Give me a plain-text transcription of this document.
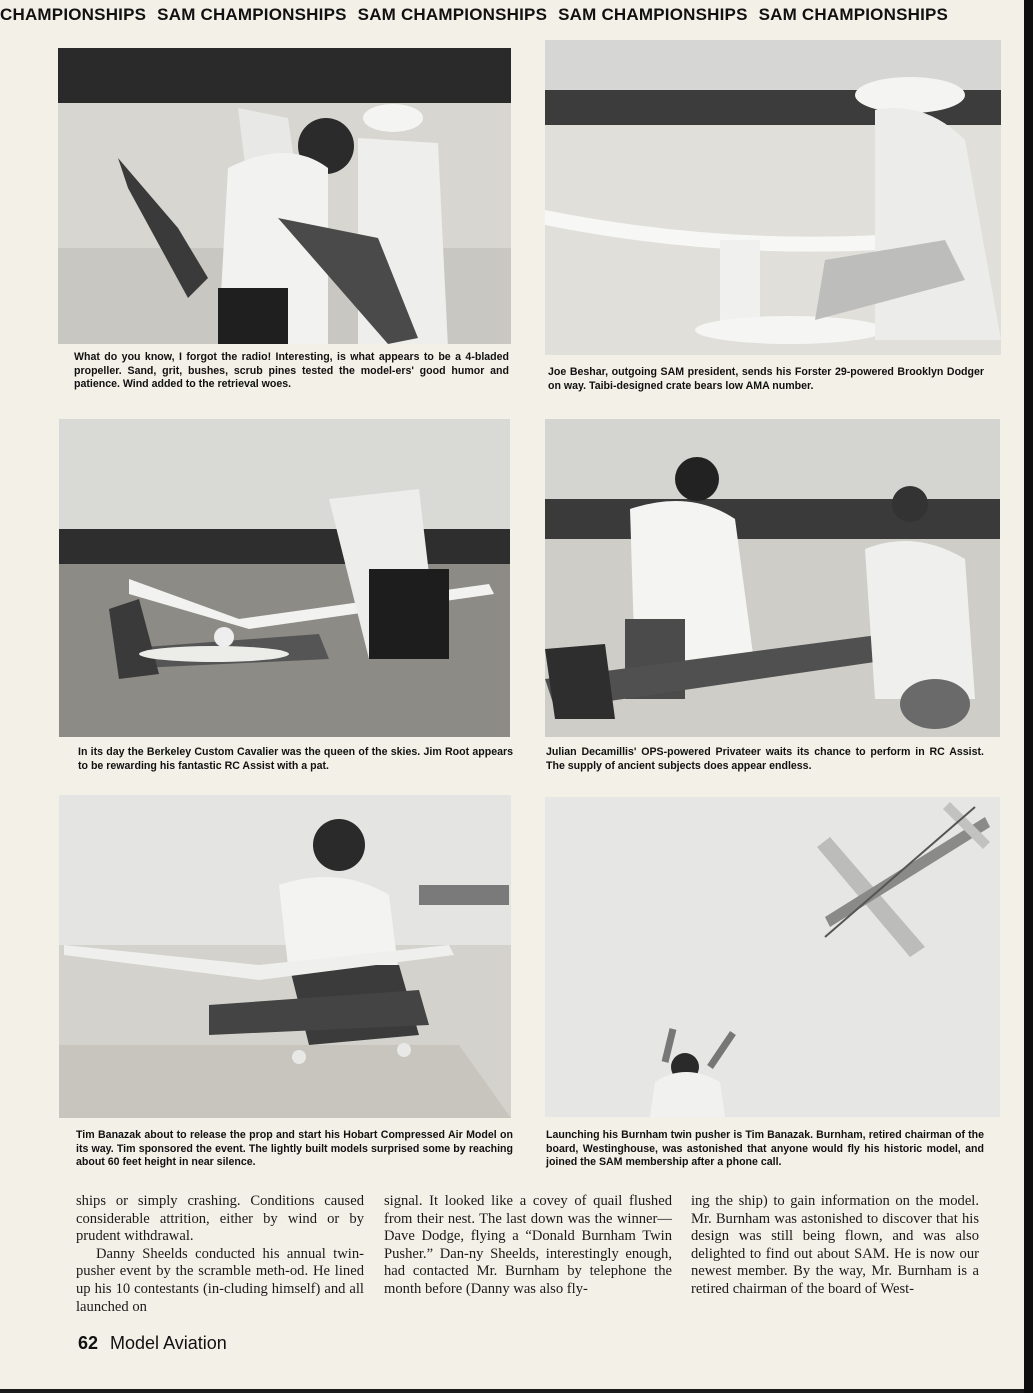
CHAMPIONSHIPS SAM CHAMPIONSHIPS SAM CHAMPIONSHIPS SAM CHAMPIONSHIPS SAM CHAMPIONSHIPS
What do you know, I forgot the radio! Interesting, is what appears to be a 4-bladed propeller. Sand, grit, bushes, scrub pines tested the model-ers' good humor and patience. Wind added to the retrieval woes.
Joe Beshar, outgoing SAM president, sends his Forster 29-powered Brooklyn Dodger on way. Taibi-designed crate bears low AMA number.
In its day the Berkeley Custom Cavalier was the queen of the skies. Jim Root appears to be rewarding his fantastic RC Assist with a pat.
Julian Decamillis' OPS-powered Privateer waits its chance to perform in RC Assist. The supply of ancient subjects does appear endless.
Tim Banazak about to release the prop and start his Hobart Compressed Air Model on its way. Tim sponsored the event. The lightly built models surprised some by reaching about 60 feet height in near silence.
Launching his Burnham twin pusher is Tim Banazak. Burnham, retired chairman of the board, Westinghouse, was astonished that anyone would fly his historic model, and joined the SAM membership after a phone call.

ships or simply crashing. Conditions caused considerable attrition, either by wind or by prudent withdrawal.

Danny Sheelds conducted his annual twin-pusher event by the scramble meth-od. He lined up his 10 contestants (in-cluding himself) and all launched on

signal. It looked like a covey of quail flushed from their nest. The last down was the winner—Dave Dodge, flying a “Donald Burnham Twin Pusher.” Dan-ny Sheelds, interestingly enough, had contacted Mr. Burnham by telephone the month before (Danny was also fly-

ing the ship) to gain information on the model. Mr. Burnham was astonished to discover that his design was still being flown, and was also delighted to find out about SAM. He is now our newest member. By the way, Mr. Burnham is a retired chairman of the board of West-

62 Model Aviation
